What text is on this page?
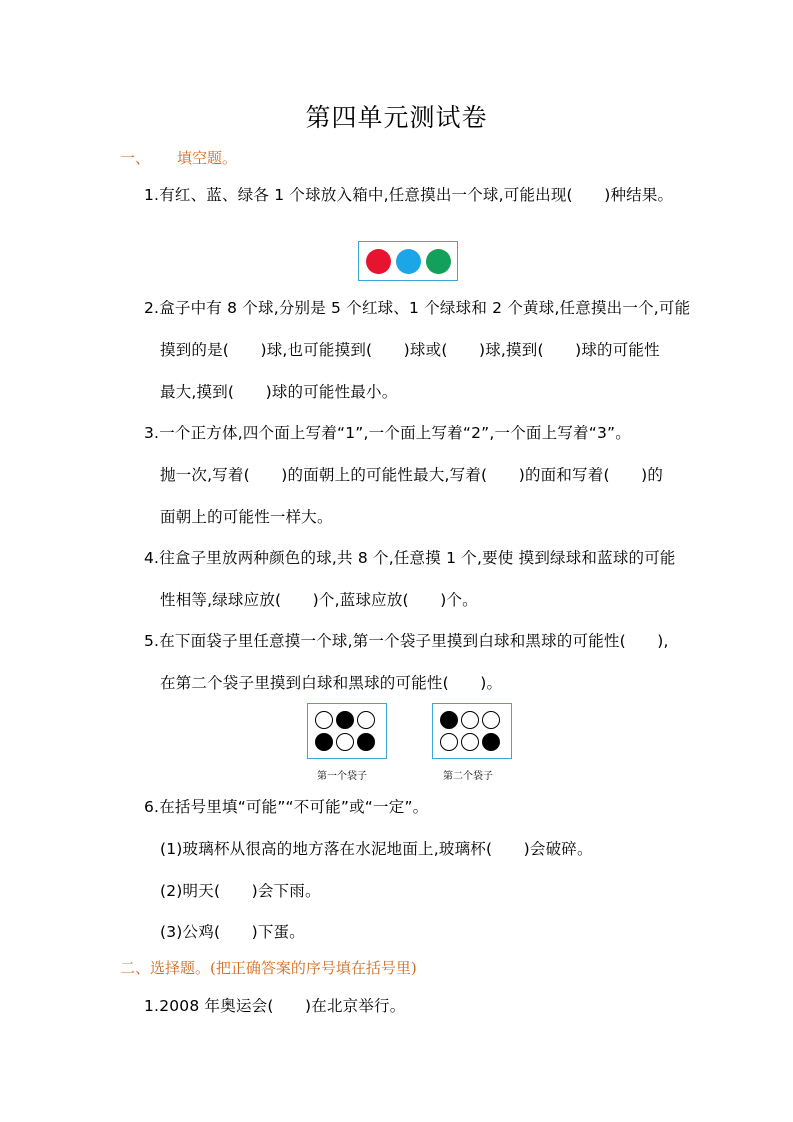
第四单元测试卷
一、 填空题。
1.有红、蓝、绿各 1 个球放入箱中,任意摸出一个球,可能出现(　　)种结果。
2.盒子中有 8 个球,分别是 5 个红球、1 个绿球和 2 个黄球,任意摸出一个,可能
摸到的是(　　)球,也可能摸到(　　)球或(　　)球,摸到(　　)球的可能性
最大,摸到(　　)球的可能性最小。
3.一个正方体,四个面上写着“1”,一个面上写着“2”,一个面上写着“3”。
抛一次,写着(　　)的面朝上的可能性最大,写着(　　)的面和写着(　　)的
面朝上的可能性一样大。
4.往盒子里放两种颜色的球,共 8 个,任意摸 1 个,要使 摸到绿球和蓝球的可能
性相等,绿球应放(　　)个,蓝球应放(　　)个。
5.在下面袋子里任意摸一个球,第一个袋子里摸到白球和黑球的可能性(　　),
在第二个袋子里摸到白球和黑球的可能性(　　)。
第一个袋子	第二个袋子
6.在括号里填“可能”“不可能”或“一定”。
(1)玻璃杯从很高的地方落在水泥地面上,玻璃杯(　　)会破碎。
(2)明天(　　)会下雨。
(3)公鸡(　　)下蛋。
二、选择题。(把正确答案的序号填在括号里)
1.2008 年奥运会(　　)在北京举行。
